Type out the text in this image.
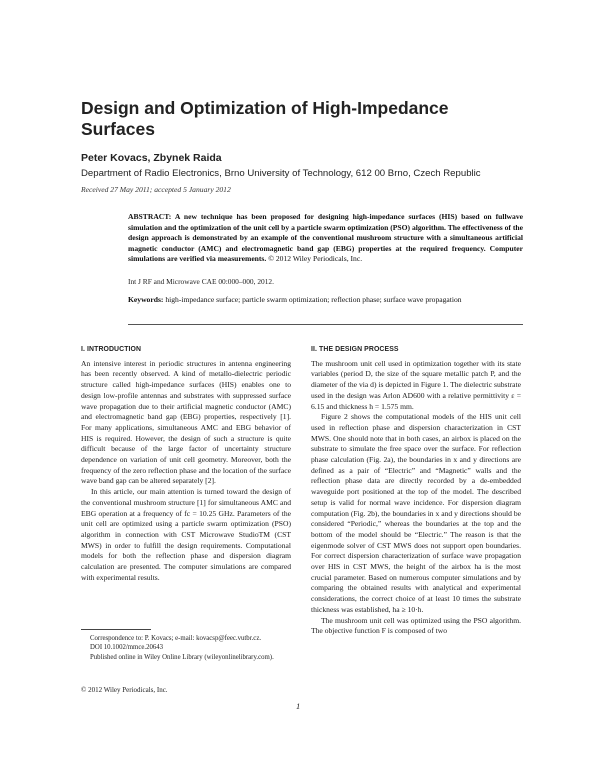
Design and Optimization of High-Impedance Surfaces
Peter Kovacs, Zbynek Raida
Department of Radio Electronics, Brno University of Technology, 612 00 Brno, Czech Republic
Received 27 May 2011; accepted 5 January 2012
ABSTRACT: A new technique has been proposed for designing high-impedance surfaces (HIS) based on fullwave simulation and the optimization of the unit cell by a particle swarm optimization (PSO) algorithm. The effectiveness of the design approach is demonstrated by an example of the conventional mushroom structure with a simultaneous artificial magnetic conductor (AMC) and electromagnetic band gap (EBG) properties at the required frequency. Computer simulations are verified via measurements. © 2012 Wiley Periodicals, Inc.
Int J RF and Microwave CAE 00:000–000, 2012.
Keywords: high-impedance surface; particle swarm optimization; reflection phase; surface wave propagation
I. INTRODUCTION

An intensive interest in periodic structures in antenna engineering has been recently observed. A kind of metallo-dielectric periodic structure called high-impedance surfaces (HIS) enables one to design low-profile antennas and substrates with suppressed surface wave propagation due to their artificial magnetic conductor (AMC) and electromagnetic band gap (EBG) properties, respectively [1]. For many applications, simultaneous AMC and EBG behavior of HIS is required. However, the design of such a structure is quite difficult because of the large factor of uncertainty structure dependence on variation of unit cell geometry. Moreover, both the frequency of the zero reflection phase and the location of the surface wave band gap can be altered separately [2].

In this article, our main attention is turned toward the design of the conventional mushroom structure [1] for simultaneous AMC and EBG operation at a frequency of fc = 10.25 GHz. Parameters of the unit cell are optimized using a particle swarm optimization (PSO) algorithm in connection with CST Microwave StudioTM (CST MWS) in order to fulfill the design requirements. Computational models for both the reflection phase and dispersion diagram calculation are presented. The computer simulations are compared with experimental results.

II. THE DESIGN PROCESS

The mushroom unit cell used in optimization together with its state variables (period D, the size of the square metallic patch P, and the diameter of the via d) is depicted in Figure 1. The dielectric substrate used in the design was Arlon AD600 with a relative permittivity ε = 6.15 and thickness h = 1.575 mm.

Figure 2 shows the computational models of the HIS unit cell used in reflection phase and dispersion characterization in CST MWS. One should note that in both cases, an airbox is placed on the substrate to simulate the free space over the surface. For reflection phase calculation (Fig. 2a), the boundaries in x and y directions are defined as a pair of “Electric” and “Magnetic” walls and the reflection phase data are directly recorded by a de-embedded waveguide port positioned at the top of the model. The described setup is valid for normal wave incidence. For dispersion diagram computation (Fig. 2b), the boundaries in x and y directions should be considered “Periodic,” whereas the boundaries at the top and the bottom of the model should be “Electric.” The reason is that the eigenmode solver of CST MWS does not support open boundaries. For correct dispersion characterization of surface wave propagation over HIS in CST MWS, the height of the airbox ha is the most crucial parameter. Based on numerous computer simulations and by comparing the obtained results with analytical and experimental considerations, the correct choice of at least 10 times the substrate thickness was established, ha ≥ 10·h.

The mushroom unit cell was optimized using the PSO algorithm. The objective function F is composed of two

Correspondence to: P. Kovacs; e-mail: kovacsp@feec.vutbr.cz.
DOI 10.1002/mmce.20643
Published online in Wiley Online Library (wileyonlinelibrary.com).
© 2012 Wiley Periodicals, Inc.
1
